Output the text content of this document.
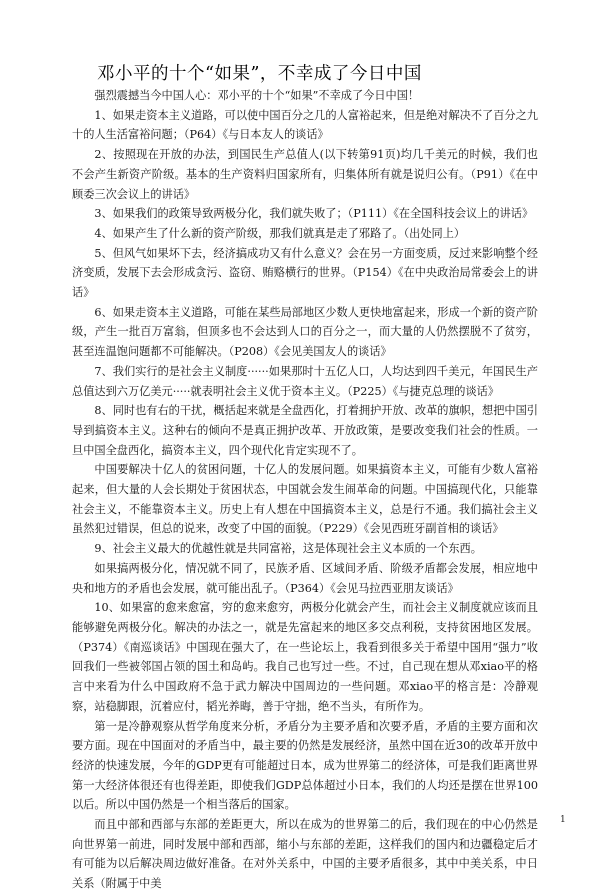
邓小平的十个“如果”，不幸成了今日中国

强烈震撼当今中国人心：邓小平的十个“如果”不幸成了今日中国！

1、如果走资本主义道路，可以使中国百分之几的人富裕起来，但是绝对解决不了百分之九十的人生活富裕问题；（P64）《与日本友人的谈话》

2、按照现在开放的办法，到国民生产总值人(以下转第91页)均几千美元的时候，我们也不会产生新资产阶级。基本的生产资料归国家所有，归集体所有就是说归公有。（P91）《在中顾委三次会议上的讲话》

3、如果我们的政策导致两极分化，我们就失败了；（P111）《在全国科技会议上的讲话》

4、如果产生了什么新的资产阶级，那我们就真是走了邪路了。（出处同上）

5、但风气如果坏下去，经济搞成功又有什么意义？会在另一方面变质，反过来影响整个经济变质，发展下去会形成贪污、盗窃、贿赂横行的世界。（P154）《在中央政治局常委会上的讲话》

6、如果走资本主义道路，可能在某些局部地区少数人更快地富起来，形成一个新的资产阶级，产生一批百万富翁，但顶多也不会达到人口的百分之一，而大量的人仍然摆脱不了贫穷，甚至连温饱问题都不可能解决。（P208）《会见美国友人的谈话》

7、我们实行的是社会主义制度······如果那时十五亿人口，人均达到四千美元，年国民生产总值达到六万亿美元·····就表明社会主义优于资本主义。（P225）《与捷克总理的谈话》

8、同时也有右的干扰，概括起来就是全盘西化，打着拥护开放、改革的旗帜，想把中国引导到搞资本主义。这种右的倾向不是真正拥护改革、开放政策，是要改变我们社会的性质。一旦中国全盘西化，搞资本主义，四个现代化肯定实现不了。

中国要解决十亿人的贫困问题，十亿人的发展问题。如果搞资本主义，可能有少数人富裕起来，但大量的人会长期处于贫困状态，中国就会发生闹革命的问题。中国搞现代化，只能靠社会主义，不能靠资本主义。历史上有人想在中国搞资本主义，总是行不通。我们搞社会主义虽然犯过错误，但总的说来，改变了中国的面貌。（P229）《会见西班牙副首相的谈话》

9、社会主义最大的优越性就是共同富裕，这是体现社会主义本质的一个东西。

如果搞两极分化，情况就不同了，民族矛盾、区域间矛盾、阶级矛盾都会发展，相应地中央和地方的矛盾也会发展，就可能出乱子。（P364）《会见马拉西亚朋友谈话》

10、如果富的愈来愈富，穷的愈来愈穷，两极分化就会产生，而社会主义制度就应该而且能够避免两极分化。解决的办法之一，就是先富起来的地区多交点利税，支持贫困地区发展。（P374）《南巡谈话》中国现在强大了，在一些论坛上，我看到很多关于希望中国用“强力”收回我们一些被邻国占领的国土和岛屿。我自己也写过一些。不过，自己现在想从邓xiao平的格言中来看为什么中国政府不急于武力解决中国周边的一些问题。邓xiao平的格言是：冷静观察，站稳脚跟，沉着应付，韬光养晦，善于守拙，绝不当头，有所作为。

第一是冷静观察从哲学角度来分析，矛盾分为主要矛盾和次要矛盾，矛盾的主要方面和次要方面。现在中国面对的矛盾当中，最主要的仍然是发展经济，虽然中国在近30的改革开放中经济的快速发展，今年的GDP更有可能超过日本，成为世界第二的经济体，可是我们距离世界第一大经济体很还有也得差距，即使我们GDP总体超过小日本，我们的人均还是摆在世界100以后。所以中国仍然是一个相当落后的国家。

而且中部和西部与东部的差距更大，所以在成为的世界第二的后，我们现在的中心仍然是向世界第一前进，同时发展中部和西部，缩小与东部的差距，这样我们的国内和边疆稳定后才有可能为以后解决周边做好准备。在对外关系中，中国的主要矛盾很多，其中中美关系，中日关系（附属于中美

1
